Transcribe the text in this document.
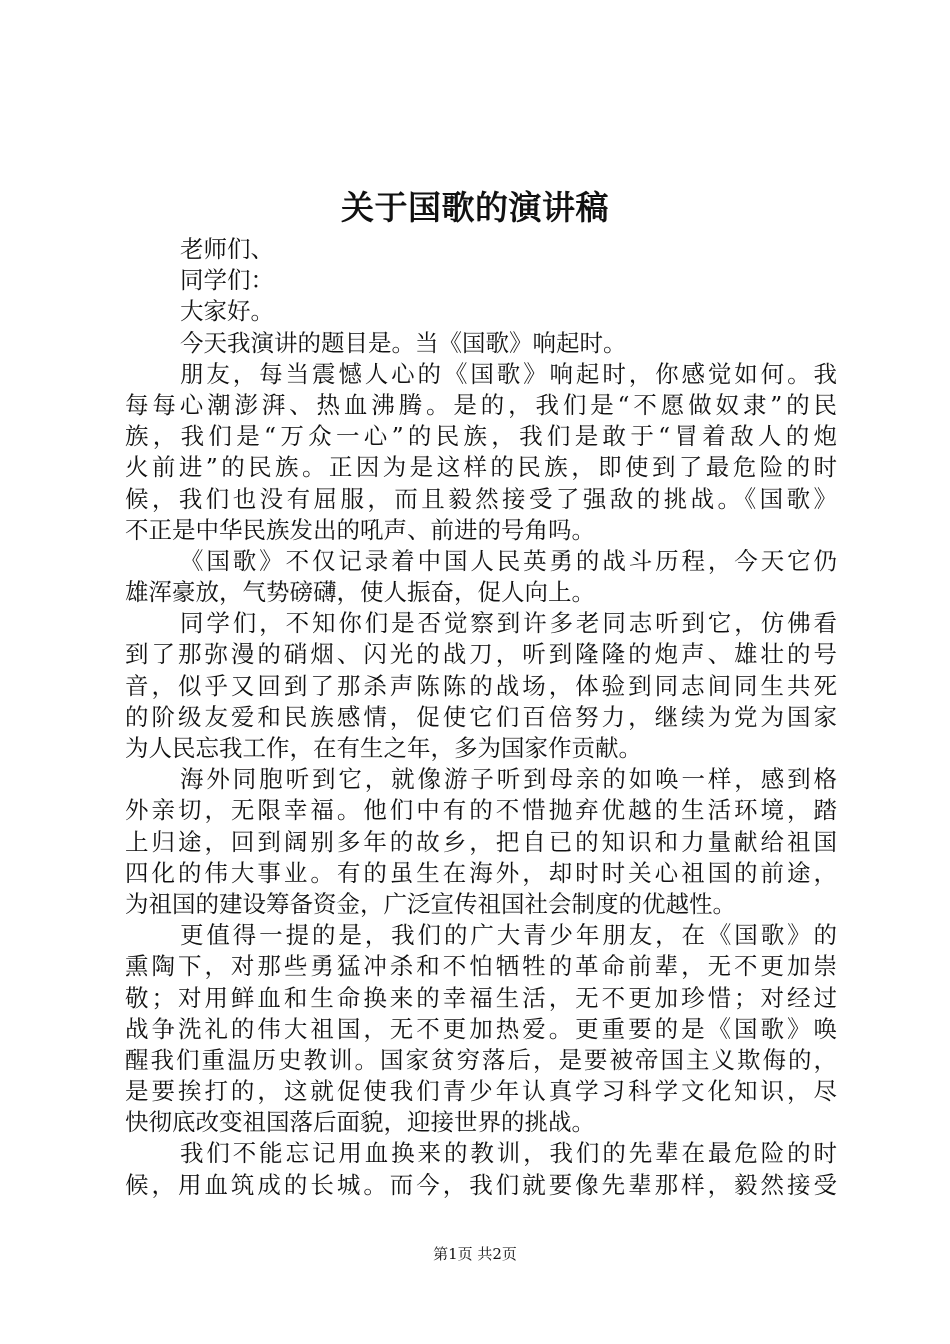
关于国歌的演讲稿
老师们、
同学们：
大家好。
今天我演讲的题目是。当《国歌》响起时。
朋友，每当震憾人心的《国歌》响起时，你感觉如何。我
每每心潮澎湃、热血沸腾。是的，我们是“不愿做奴隶”的民
族，我们是“万众一心”的民族，我们是敢于“冒着敌人的炮
火前进”的民族。正因为是这样的民族，即使到了最危险的时
候，我们也没有屈服，而且毅然接受了强敌的挑战。《国歌》
不正是中华民族发出的吼声、前进的号角吗。
《国歌》不仅记录着中国人民英勇的战斗历程，今天它仍
雄浑豪放，气势磅礴，使人振奋，促人向上。
同学们，不知你们是否觉察到许多老同志听到它，仿佛看
到了那弥漫的硝烟、闪光的战刀，听到隆隆的炮声、雄壮的号
音，似乎又回到了那杀声陈陈的战场，体验到同志间同生共死
的阶级友爱和民族感情，促使它们百倍努力，继续为党为国家
为人民忘我工作，在有生之年，多为国家作贡献。
海外同胞听到它，就像游子听到母亲的如唤一样，感到格
外亲切，无限幸福。他们中有的不惜抛弃优越的生活环境，踏
上归途，回到阔别多年的故乡，把自已的知识和力量献给祖国
四化的伟大事业。有的虽生在海外，却时时关心祖国的前途，
为祖国的建设筹备资金，广泛宣传祖国社会制度的优越性。
更值得一提的是，我们的广大青少年朋友，在《国歌》的
熏陶下，对那些勇猛冲杀和不怕牺牲的革命前辈，无不更加崇
敬；对用鲜血和生命换来的幸福生活，无不更加珍惜；对经过
战争洗礼的伟大祖国，无不更加热爱。更重要的是《国歌》唤
醒我们重温历史教训。国家贫穷落后，是要被帝国主义欺侮的，
是要挨打的，这就促使我们青少年认真学习科学文化知识，尽
快彻底改变祖国落后面貌，迎接世界的挑战。
我们不能忘记用血换来的教训，我们的先辈在最危险的时
候，用血筑成的长城。而今，我们就要像先辈那样，毅然接受
第1页 共2页
